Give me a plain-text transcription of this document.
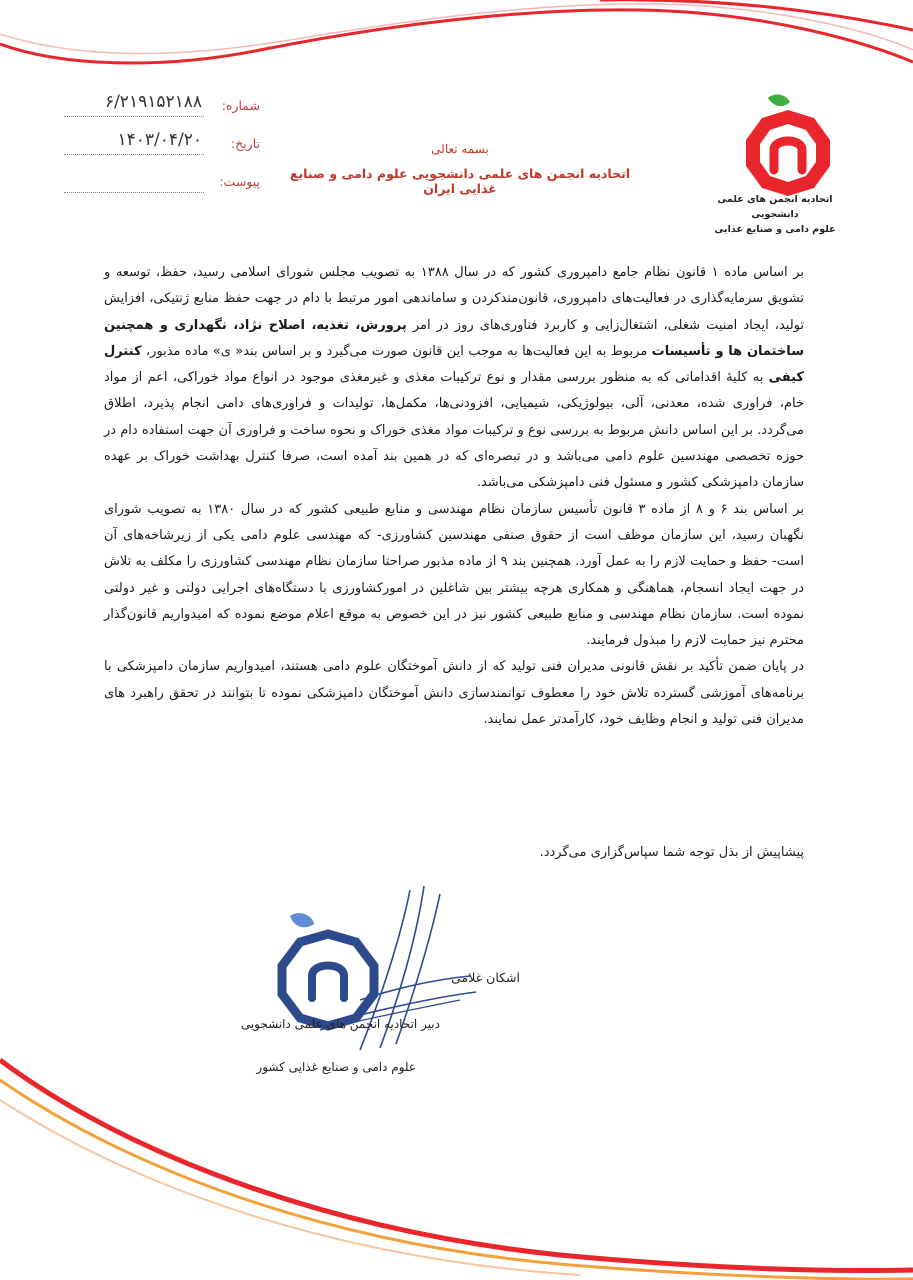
شماره:
۶/۲۱۹۱۵۲۱۸۸
تاریخ:
۱۴۰۳/۰۴/۲۰
پیوست:
بسمه تعالی
اتحادیه انجمن های علمی دانشجویی علوم دامی و صنایع غذایی ایران
اتحادیه انجمن های علمی دانشجویی
علوم دامی و صنایع غذایی

بر اساس ماده ۱ قانون نظام جامع دامپروری کشور که در سال ۱۳۸۸ به تصویب مجلس شورای اسلامی رسید، حفظ، توسعه و تشویق سرمایه‌گذاری در فعالیت‌های دامپروری، قانون‌مندکردن و ساماندهی امور مرتبط با دام در جهت حفظ منابع ژنتیکی، افزایش تولید، ایجاد امنیت شغلی، اشتغال‌زایی و کاربرد فناوری‌های روز در امر پرورش، تغذیه، اصلاح نژاد، نگهداری و همچنین ساختمان ها و تأسیسات مربوط به این فعالیت‌ها به موجب این قانون صورت می‌گیرد و بر اساس بند« ی» ماده مذبور، کنترل کیفی به کلیۀ اقداماتی که به منظور بررسی مقدار و نوع ترکیبات مغذی و غیرمغذی موجود در انواع مواد خوراکی، اعم از مواد خام، فراوری شده، معدنی، آلی، بیولوژیکی، شیمیایی، افزودنی‌ها، مکمل‌ها، تولیدات و فراوری‌های دامی انجام پذیرد، اطلاق می‌گردد. بر این اساس دانش مربوط به بررسی نوع و ترکیبات مواد مغذی خوراک و نحوه ساخت و فراوری آن جهت استفاده دام در حوزه تخصصی مهندسین علوم دامی می‌باشد و در تبصره‌ای که در همین بند آمده است، صرفا کنترل بهداشت خوراک بر عهده سازمان دامپزشکی کشور و مسئول فنی دامپزشکی می‌باشد.

بر اساس بند ۶ و ۸ از ماده ۳ قانون تأسیس سازمان نظام مهندسی و منابع طبیعی کشور که در سال ۱۳۸۰ به تصویب شورای نگهبان رسید، این سازمان موظف است از حقوق صنفی مهندسین کشاورزی- که مهندسی علوم دامی یکی از زیرشاخه‌های آن است- حفظ و حمایت لازم را به عمل آورد. همچنین بند ۹ از ماده مذبور صراحتا سازمان نظام مهندسی کشاورزی را مکلف به تلاش در جهت ایجاد انسجام، هماهنگی و همکاری هرچه بیشتر بین شاغلین در امورکشاورزی با دستگاه‌های اجرایی دولتی و غیر دولتی نموده است. سازمان نظام مهندسی و منابع طبیعی کشور نیز در این خصوص به موقع اعلام موضع نموده که امیدواریم قانون‌گذار محترم نیز حمایت لازم را مبذول فرمایند.

در پایان ضمن تأکید بر نقش قانونی مدیران فنی تولید که از دانش آموختگان علوم دامی هستند، امیدواریم سازمان دامپزشکی با برنامه‌های آموزشی گسترده تلاش خود را معطوف توانمندسازی دانش آموختگان دامپزشکی نموده تا بتوانند در تحقق راهبرد های مدیران فنی تولید و انجام وظایف خود، کارآمدتر عمل نمایند.

پیشاپیش از بذل توجه شما سپاس‌گزاری می‌گردد.
اشکان غلامی
دبیر اتحادیه انجمن های علمی دانشجویی
علوم دامی و صنایع غذایی کشور
